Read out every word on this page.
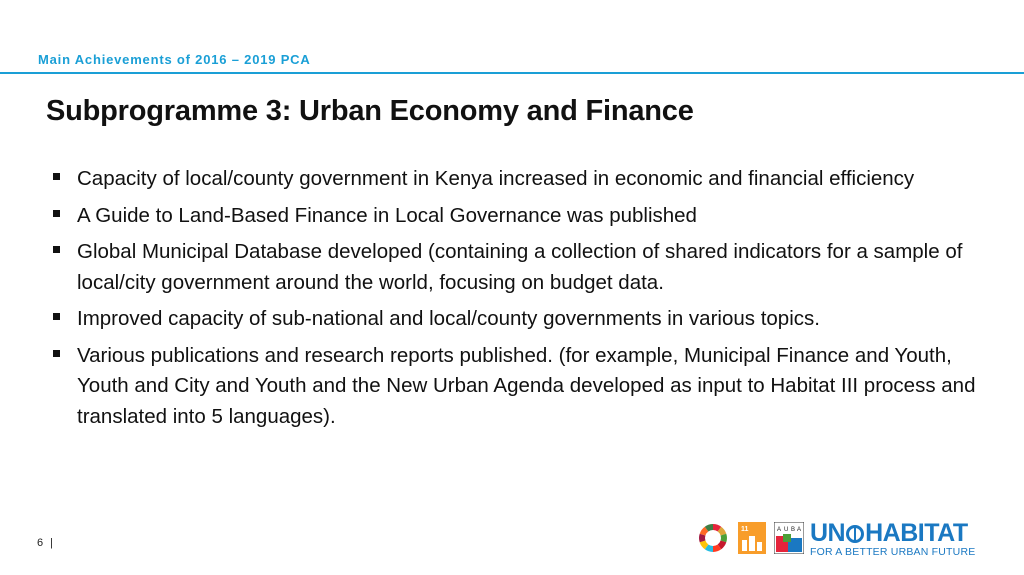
Main Achievements of 2016 – 2019 PCA
Subprogramme 3: Urban Economy and Finance
Capacity of local/county government in Kenya increased in economic and financial efficiency
A Guide to Land-Based Finance in Local Governance was published
Global Municipal Database developed (containing a collection of shared indicators for a sample of local/city government around the world, focusing on budget data.
Improved capacity of sub-national and local/county governments in various topics.
Various publications and research reports published. (for example, Municipal Finance and Youth, Youth and City and Youth and the New Urban Agenda developed as input to Habitat III process and translated into 5 languages).
6 |
11	A U B A UN HABITAT
FOR A BETTER URBAN FUTURE
